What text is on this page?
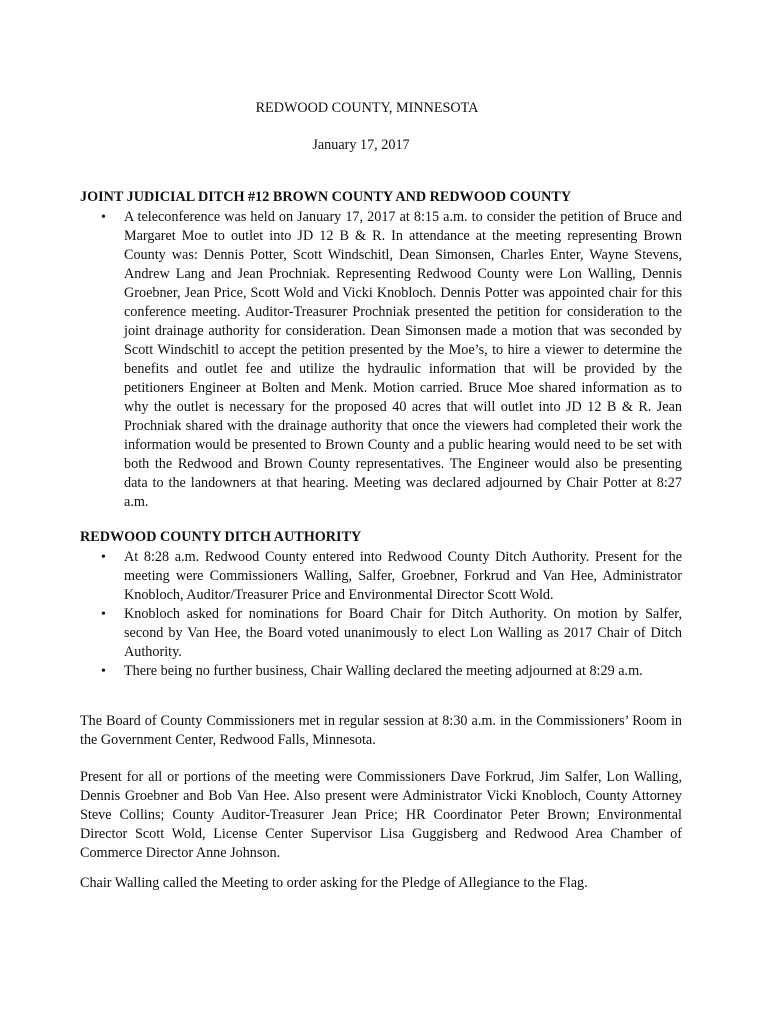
REDWOOD COUNTY, MINNESOTA
January 17, 2017
JOINT JUDICIAL DITCH #12 BROWN COUNTY AND REDWOOD COUNTY
• A teleconference was held on January 17, 2017 at 8:15 a.m. to consider the petition of Bruce and Margaret Moe to outlet into JD 12 B & R. In attendance at the meeting representing Brown County was: Dennis Potter, Scott Windschitl, Dean Simonsen, Charles Enter, Wayne Stevens, Andrew Lang and Jean Prochniak. Representing Redwood County were Lon Walling, Dennis Groebner, Jean Price, Scott Wold and Vicki Knobloch. Dennis Potter was appointed chair for this conference meeting. Auditor-Treasurer Prochniak presented the petition for consideration to the joint drainage authority for consideration. Dean Simonsen made a motion that was seconded by Scott Windschitl to accept the petition presented by the Moe’s, to hire a viewer to determine the benefits and outlet fee and utilize the hydraulic information that will be provided by the petitioners Engineer at Bolten and Menk. Motion carried. Bruce Moe shared information as to why the outlet is necessary for the proposed 40 acres that will outlet into JD 12 B & R. Jean Prochniak shared with the drainage authority that once the viewers had completed their work the information would be presented to Brown County and a public hearing would need to be set with both the Redwood and Brown County representatives. The Engineer would also be presenting data to the landowners at that hearing. Meeting was declared adjourned by Chair Potter at 8:27 a.m.
REDWOOD COUNTY DITCH AUTHORITY
• At 8:28 a.m. Redwood County entered into Redwood County Ditch Authority. Present for the meeting were Commissioners Walling, Salfer, Groebner, Forkrud and Van Hee, Administrator Knobloch, Auditor/Treasurer Price and Environmental Director Scott Wold.
• Knobloch asked for nominations for Board Chair for Ditch Authority. On motion by Salfer, second by Van Hee, the Board voted unanimously to elect Lon Walling as 2017 Chair of Ditch Authority.
• There being no further business, Chair Walling declared the meeting adjourned at 8:29 a.m.

The Board of County Commissioners met in regular session at 8:30 a.m. in the Commissioners’ Room in the Government Center, Redwood Falls, Minnesota.

Present for all or portions of the meeting were Commissioners Dave Forkrud, Jim Salfer, Lon Walling, Dennis Groebner and Bob Van Hee. Also present were Administrator Vicki Knobloch, County Attorney Steve Collins; County Auditor-Treasurer Jean Price; HR Coordinator Peter Brown; Environmental Director Scott Wold, License Center Supervisor Lisa Guggisberg and Redwood Area Chamber of Commerce Director Anne Johnson.

Chair Walling called the Meeting to order asking for the Pledge of Allegiance to the Flag.
